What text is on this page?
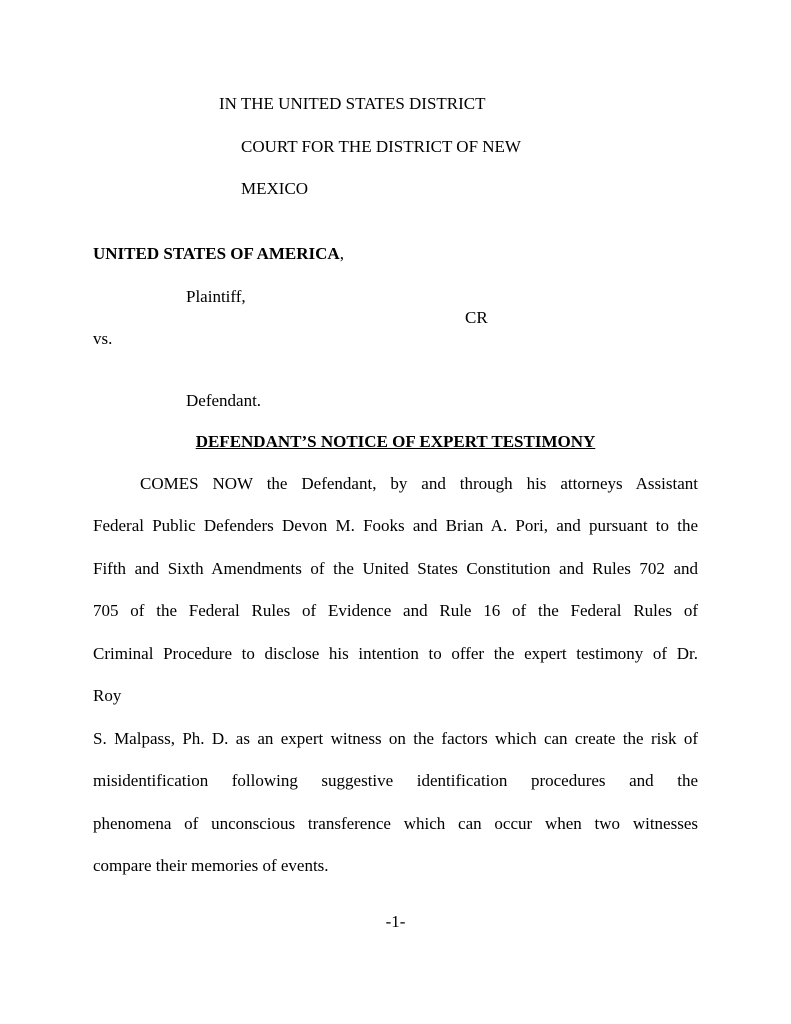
IN THE UNITED STATES DISTRICT
COURT FOR THE DISTRICT OF NEW
MEXICO
UNITED STATES OF AMERICA,
Plaintiff,
CR
vs.
Defendant.
DEFENDANT’S NOTICE OF EXPERT TESTIMONY
COMES NOW the Defendant, by and through his attorneys Assistant
Federal Public Defenders Devon M. Fooks and Brian A. Pori, and pursuant to the
Fifth and Sixth Amendments of the United States Constitution and Rules 702 and
705 of the Federal Rules of Evidence and Rule 16 of the Federal Rules of
Criminal Procedure to disclose his intention to offer the expert testimony of Dr.
Roy
S. Malpass, Ph. D. as an expert witness on the factors which can create the risk of
misidentification following suggestive identification procedures and the
phenomena of unconscious transference which can occur when two witnesses
compare their memories of events.
-1-
